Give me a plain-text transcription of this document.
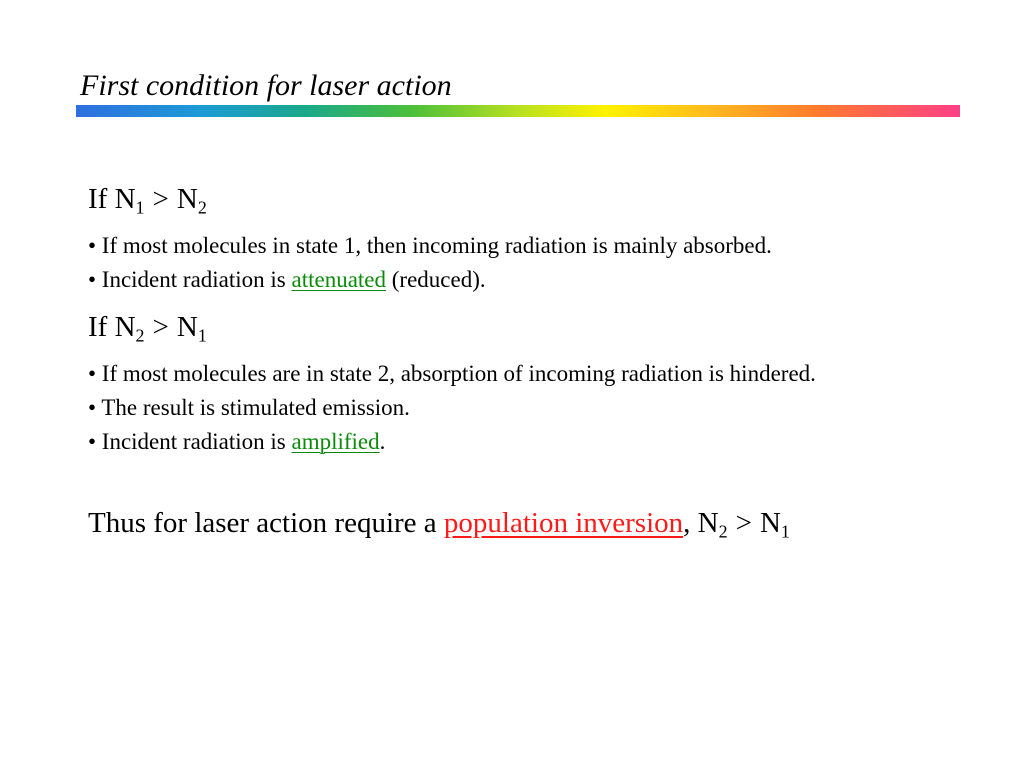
First condition for laser action
If $N_1 > N_2$
• If most molecules in state 1, then incoming radiation is mainly absorbed.
• Incident radiation is attenuated (reduced).
If $N_2 > N_1$
• If most molecules are in state 2, absorption of incoming radiation is hindered.
• The result is stimulated emission.
• Incident radiation is amplified.
Thus for laser action require a population inversion, $N_2 > N_1$
